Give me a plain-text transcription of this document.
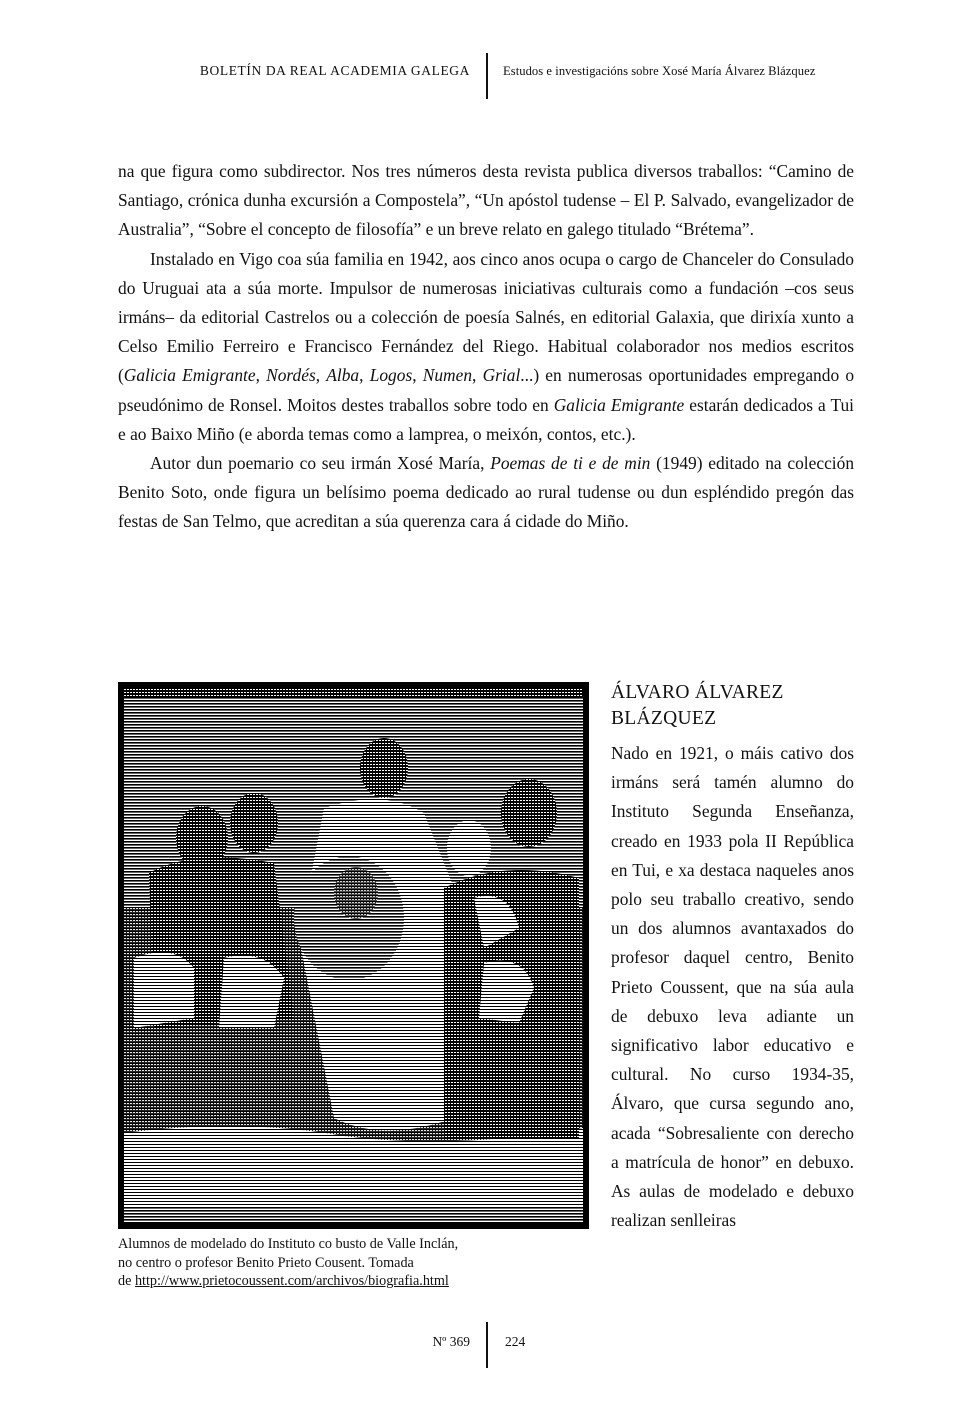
BOLETÍN DA REAL ACADEMIA GALEGA	Estudos e investigacións sobre Xosé María Álvarez Blázquez

na que figura como subdirector. Nos tres números desta revista publica diversos traballos: “Camino de Santiago, crónica dunha excursión a Compostela”, “Un apóstol tudense – El P. Salvado, evangelizador de Australia”, “Sobre el concepto de filosofía” e un breve relato en galego titulado “Brétema”.

Instalado en Vigo coa súa familia en 1942, aos cinco anos ocupa o cargo de Chanceler do Consulado do Uruguai ata a súa morte. Impulsor de numerosas iniciativas culturais como a fundación –cos seus irmáns– da editorial Castrelos ou a colección de poesía Salnés, en editorial Galaxia, que dirixía xunto a Celso Emilio Ferreiro e Francisco Fernández del Riego. Habitual colaborador nos medios escritos (Galicia Emigrante, Nordés, Alba, Logos, Numen, Grial...) en numerosas oportunidades empregando o pseudónimo de Ronsel. Moitos destes traballos sobre todo en Galicia Emigrante estarán dedicados a Tui e ao Baixo Miño (e aborda temas como a lamprea, o meixón, contos, etc.).

Autor dun poemario co seu irmán Xosé María, Poemas de ti e de min (1949) editado na colección Benito Soto, onde figura un belísimo poema dedicado ao rural tudense ou dun espléndido pregón das festas de San Telmo, que acreditan a súa querenza cara á cidade do Miño.

Alumnos de modelado do Instituto co busto de Valle Inclán,
no centro o profesor Benito Prieto Cousent. Tomada
de http://www.prietocoussent.com/archivos/biografia.html
ÁLVARO ÁLVAREZ BLÁZQUEZ

Nado en 1921, o máis cativo dos irmáns será tamén alumno do Instituto Segunda Enseñanza, creado en 1933 pola II República en Tui, e xa destaca naqueles anos polo seu traballo creativo, sendo un dos alumnos avantaxados do profesor daquel centro, Benito Prieto Coussent, que na súa aula de debuxo leva adiante un significativo labor educativo e cultural. No curso 1934-35, Álvaro, que cursa segundo ano, acada “Sobresaliente con derecho a matrícula de honor” en debuxo. As aulas de modelado e debuxo realizan senlleiras

Nº 369	224
